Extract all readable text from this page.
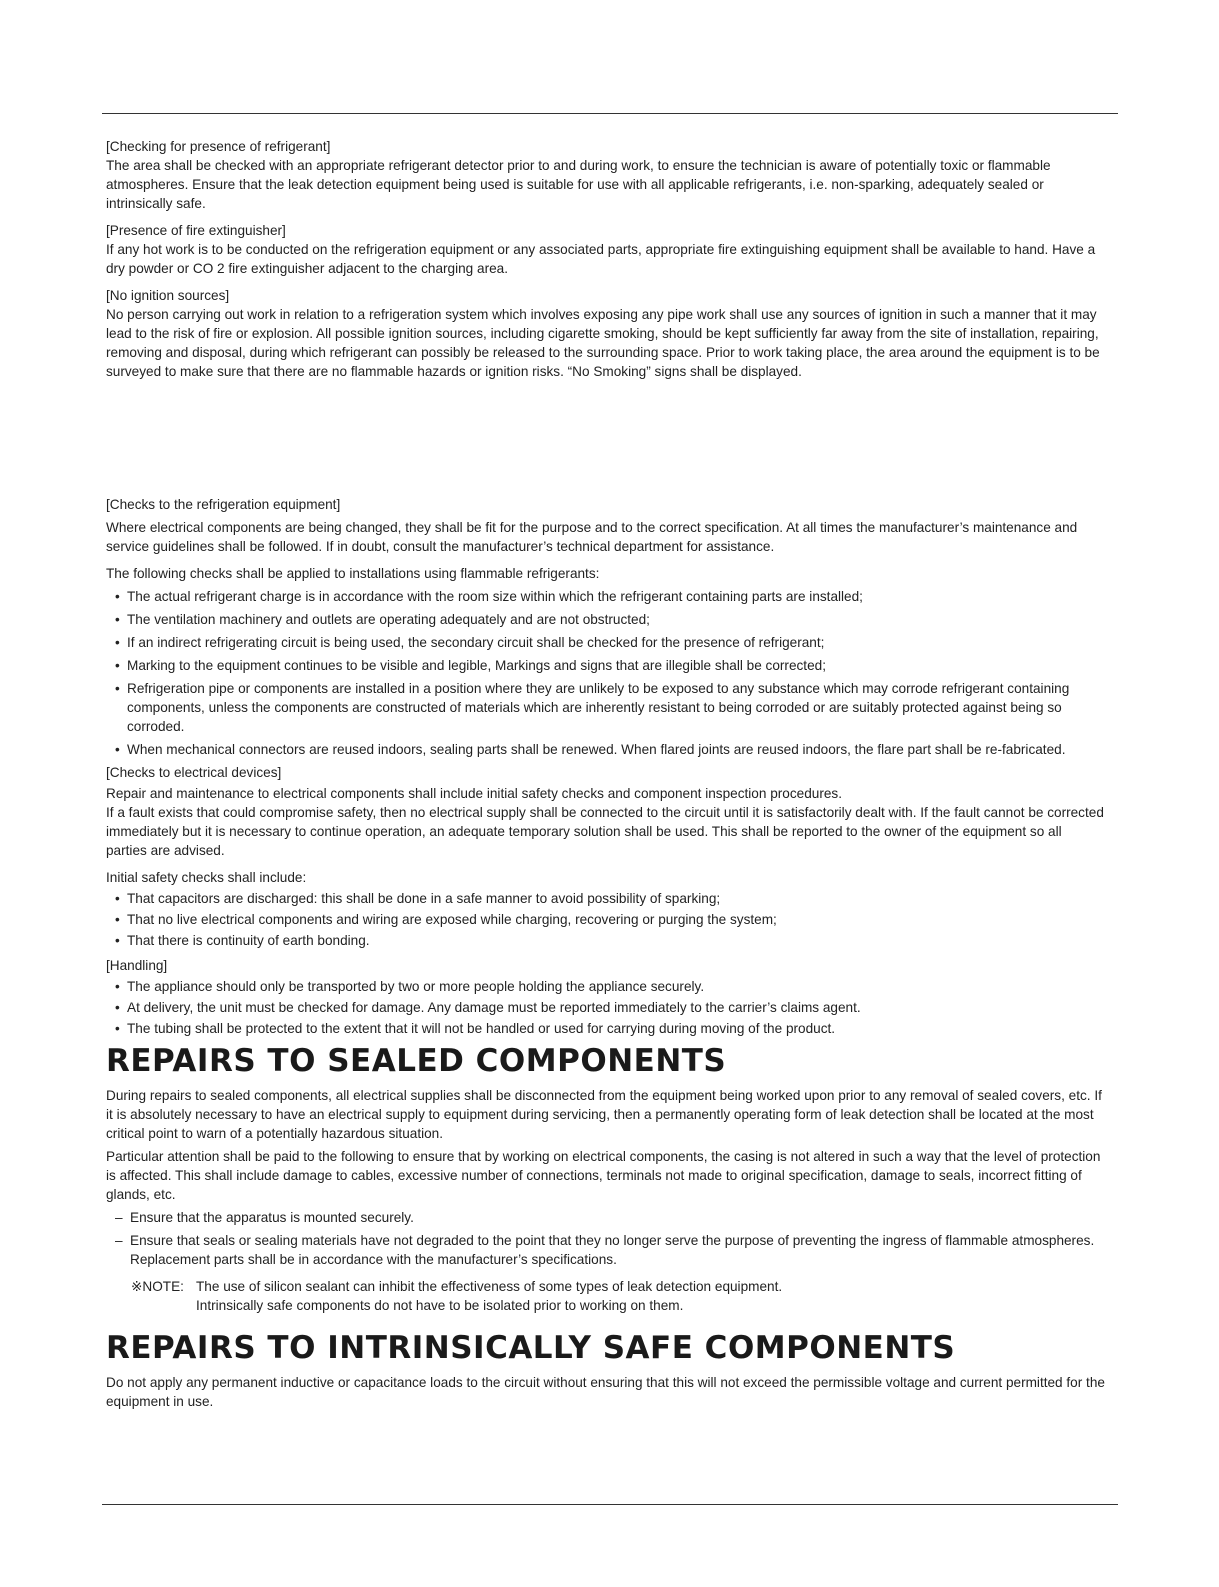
[Checking for presence of refrigerant]
The area shall be checked with an appropriate refrigerant detector prior to and during work, to ensure the technician is aware of potentially toxic or flammable atmospheres. Ensure that the leak detection equipment being used is suitable for use with all applicable refrigerants, i.e. non-sparking, adequately sealed or intrinsically safe.
[Presence of fire extinguisher]
If any hot work is to be conducted on the refrigeration equipment or any associated parts, appropriate fire extinguishing equipment shall be available to hand. Have a dry powder or CO 2 fire extinguisher adjacent to the charging area.
[No ignition sources]
No person carrying out work in relation to a refrigeration system which involves exposing any pipe work shall use any sources of ignition in such a manner that it may lead to the risk of fire or explosion. All possible ignition sources, including cigarette smoking, should be kept sufficiently far away from the site of installation, repairing, removing and disposal, during which refrigerant can possibly be released to the surrounding space. Prior to work taking place, the area around the equipment is to be surveyed to make sure that there are no flammable hazards or ignition risks. “No Smoking” signs shall be displayed.
[Checks to the refrigeration equipment]
Where electrical components are being changed, they shall be fit for the purpose and to the correct specification. At all times the manufacturer’s maintenance and service guidelines shall be followed. If in doubt, consult the manufacturer’s technical department for assistance.
The following checks shall be applied to installations using flammable refrigerants:
• The actual refrigerant charge is in accordance with the room size within which the refrigerant containing parts are installed;
• The ventilation machinery and outlets are operating adequately and are not obstructed;
• If an indirect refrigerating circuit is being used, the secondary circuit shall be checked for the presence of refrigerant;
• Marking to the equipment continues to be visible and legible, Markings and signs that are illegible shall be corrected;
• Refrigeration pipe or components are installed in a position where they are unlikely to be exposed to any substance which may corrode refrigerant containing components, unless the components are constructed of materials which are inherently resistant to being corroded or are suitably protected against being so corroded.
• When mechanical connectors are reused indoors, sealing parts shall be renewed. When flared joints are reused indoors, the flare part shall be re-fabricated.
[Checks to electrical devices]
Repair and maintenance to electrical components shall include initial safety checks and component inspection procedures.
If a fault exists that could compromise safety, then no electrical supply shall be connected to the circuit until it is satisfactorily dealt with. If the fault cannot be corrected immediately but it is necessary to continue operation, an adequate temporary solution shall be used. This shall be reported to the owner of the equipment so all parties are advised.
Initial safety checks shall include:
• That capacitors are discharged: this shall be done in a safe manner to avoid possibility of sparking;
• That no live electrical components and wiring are exposed while charging, recovering or purging the system;
• That there is continuity of earth bonding.
[Handling]
• The appliance should only be transported by two or more people holding the appliance securely.
• At delivery, the unit must be checked for damage. Any damage must be reported immediately to the carrier’s claims agent.
• The tubing shall be protected to the extent that it will not be handled or used for carrying during moving of the product.
REPAIRS TO SEALED COMPONENTS
During repairs to sealed components, all electrical supplies shall be disconnected from the equipment being worked upon prior to any removal of sealed covers, etc. If it is absolutely necessary to have an electrical supply to equipment during servicing, then a permanently operating form of leak detection shall be located at the most critical point to warn of a potentially hazardous situation.
Particular attention shall be paid to the following to ensure that by working on electrical components, the casing is not altered in such a way that the level of protection is affected. This shall include damage to cables, excessive number of connections, terminals not made to original specification, damage to seals, incorrect fitting of glands, etc.
– Ensure that the apparatus is mounted securely.
– Ensure that seals or sealing materials have not degraded to the point that they no longer serve the purpose of preventing the ingress of flammable atmospheres. Replacement parts shall be in accordance with the manufacturer’s specifications.
※NOTE: The use of silicon sealant can inhibit the effectiveness of some types of leak detection equipment.
Intrinsically safe components do not have to be isolated prior to working on them.
REPAIRS TO INTRINSICALLY SAFE COMPONENTS
Do not apply any permanent inductive or capacitance loads to the circuit without ensuring that this will not exceed the permissible voltage and current permitted for the equipment in use.
